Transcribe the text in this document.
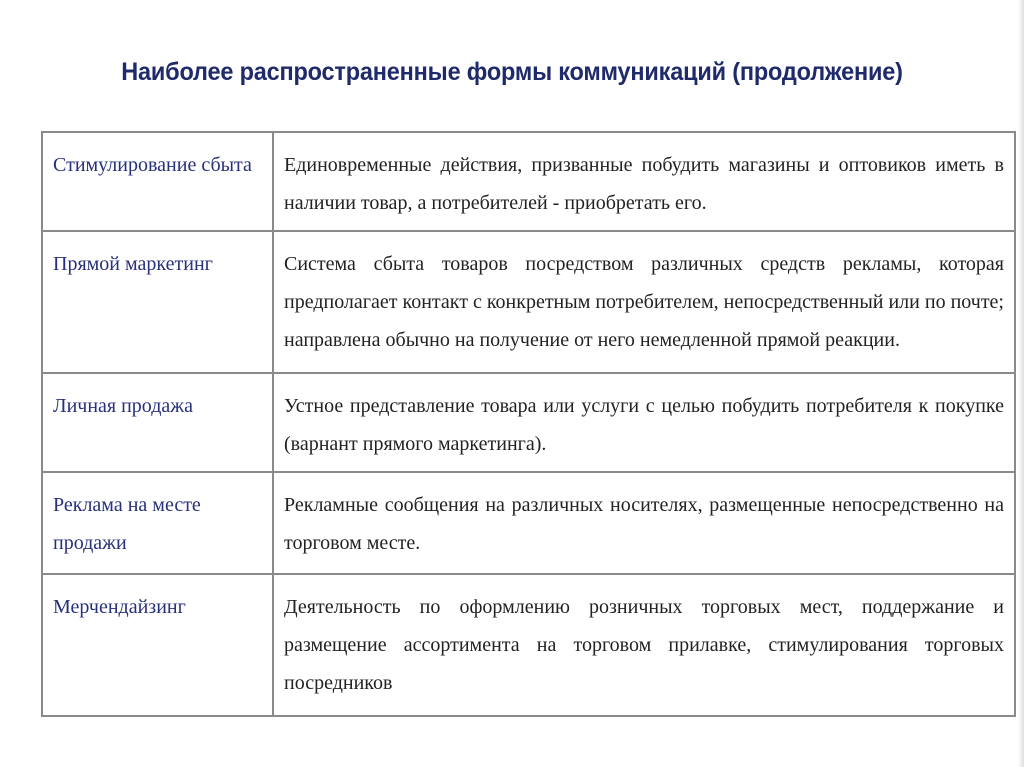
Наиболее распространенные формы коммуникаций (продолжение)
Стимулирование сбыта	Единовременные действия, призванные побудить магазины и оптовиков иметь в наличии товар, а потребителей - приобретать его.
Прямой маркетинг	Система сбыта товаров посредством различных средств рекламы, которая предполагает контакт с конкретным потребителем, непосредственный или по почте; направлена обычно на получение от него немедленной прямой реакции.
Личная продажа	Устное представление товара или услуги с целью побудить потребителя к покупке (варнант прямого маркетинга).
Реклама на месте продажи	Рекламные сообщения на различных носителях, размещенные непосредственно на торговом месте.
Мерчендайзинг	Деятельность по оформлению розничных торговых мест, поддержание и размещение ассортимента на торговом прилавке, стимулирования торговых посредников
